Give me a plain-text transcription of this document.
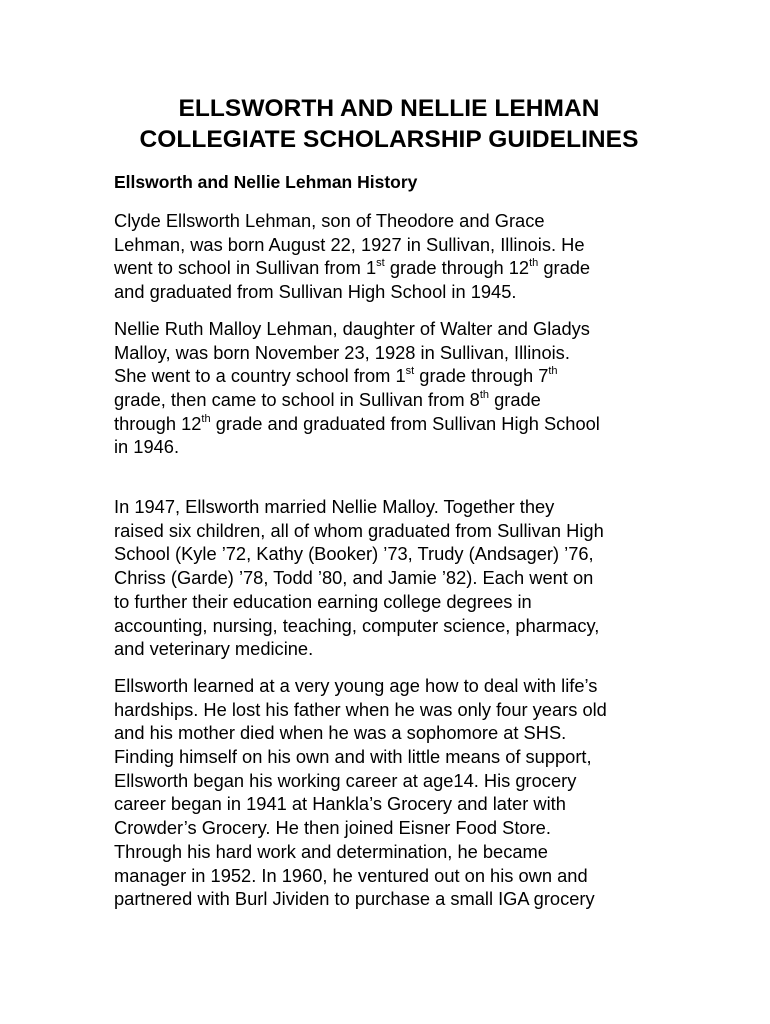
ELLSWORTH AND NELLIE LEHMAN
COLLEGIATE SCHOLARSHIP GUIDELINES
Ellsworth and Nellie Lehman History

Clyde Ellsworth Lehman, son of Theodore and Grace
Lehman, was born August 22, 1927 in Sullivan, Illinois. He
went to school in Sullivan from 1st grade through 12th grade
and graduated from Sullivan High School in 1945.

Nellie Ruth Malloy Lehman, daughter of Walter and Gladys
Malloy, was born November 23, 1928 in Sullivan, Illinois.
She went to a country school from 1st grade through 7th
grade, then came to school in Sullivan from 8th grade
through 12th grade and graduated from Sullivan High School
in 1946.

In 1947, Ellsworth married Nellie Malloy. Together they
raised six children, all of whom graduated from Sullivan High
School (Kyle ’72, Kathy (Booker) ’73, Trudy (Andsager) ’76,
Chriss (Garde) ’78, Todd ’80, and Jamie ’82). Each went on
to further their education earning college degrees in
accounting, nursing, teaching, computer science, pharmacy,
and veterinary medicine.

Ellsworth learned at a very young age how to deal with life’s
hardships. He lost his father when he was only four years old
and his mother died when he was a sophomore at SHS.
Finding himself on his own and with little means of support,
Ellsworth began his working career at age14. His grocery
career began in 1941 at Hankla’s Grocery and later with
Crowder’s Grocery. He then joined Eisner Food Store.
Through his hard work and determination, he became
manager in 1952. In 1960, he ventured out on his own and
partnered with Burl Jividen to purchase a small IGA grocery
